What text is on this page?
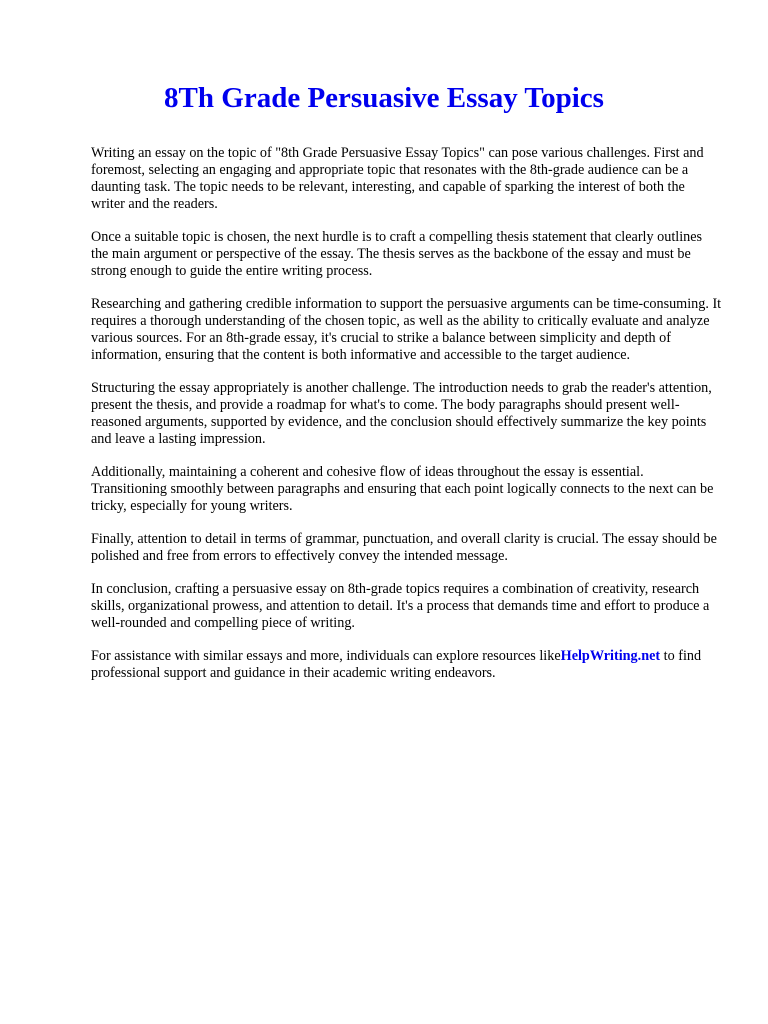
8Th Grade Persuasive Essay Topics

Writing an essay on the topic of "8th Grade Persuasive Essay Topics" can pose various challenges. First and foremost, selecting an engaging and appropriate topic that resonates with the 8th-grade audience can be a daunting task. The topic needs to be relevant, interesting, and capable of sparking the interest of both the writer and the readers.

Once a suitable topic is chosen, the next hurdle is to craft a compelling thesis statement that clearly outlines the main argument or perspective of the essay. The thesis serves as the backbone of the essay and must be strong enough to guide the entire writing process.

Researching and gathering credible information to support the persuasive arguments can be time-consuming. It requires a thorough understanding of the chosen topic, as well as the ability to critically evaluate and analyze various sources. For an 8th-grade essay, it's crucial to strike a balance between simplicity and depth of information, ensuring that the content is both informative and accessible to the target audience.

Structuring the essay appropriately is another challenge. The introduction needs to grab the reader's attention, present the thesis, and provide a roadmap for what's to come. The body paragraphs should present well-reasoned arguments, supported by evidence, and the conclusion should effectively summarize the key points and leave a lasting impression.

Additionally, maintaining a coherent and cohesive flow of ideas throughout the essay is essential. Transitioning smoothly between paragraphs and ensuring that each point logically connects to the next can be tricky, especially for young writers.

Finally, attention to detail in terms of grammar, punctuation, and overall clarity is crucial. The essay should be polished and free from errors to effectively convey the intended message.

In conclusion, crafting a persuasive essay on 8th-grade topics requires a combination of creativity, research skills, organizational prowess, and attention to detail. It's a process that demands time and effort to produce a well-rounded and compelling piece of writing.

For assistance with similar essays and more, individuals can explore resources likeHelpWriting.net to find professional support and guidance in their academic writing endeavors.
